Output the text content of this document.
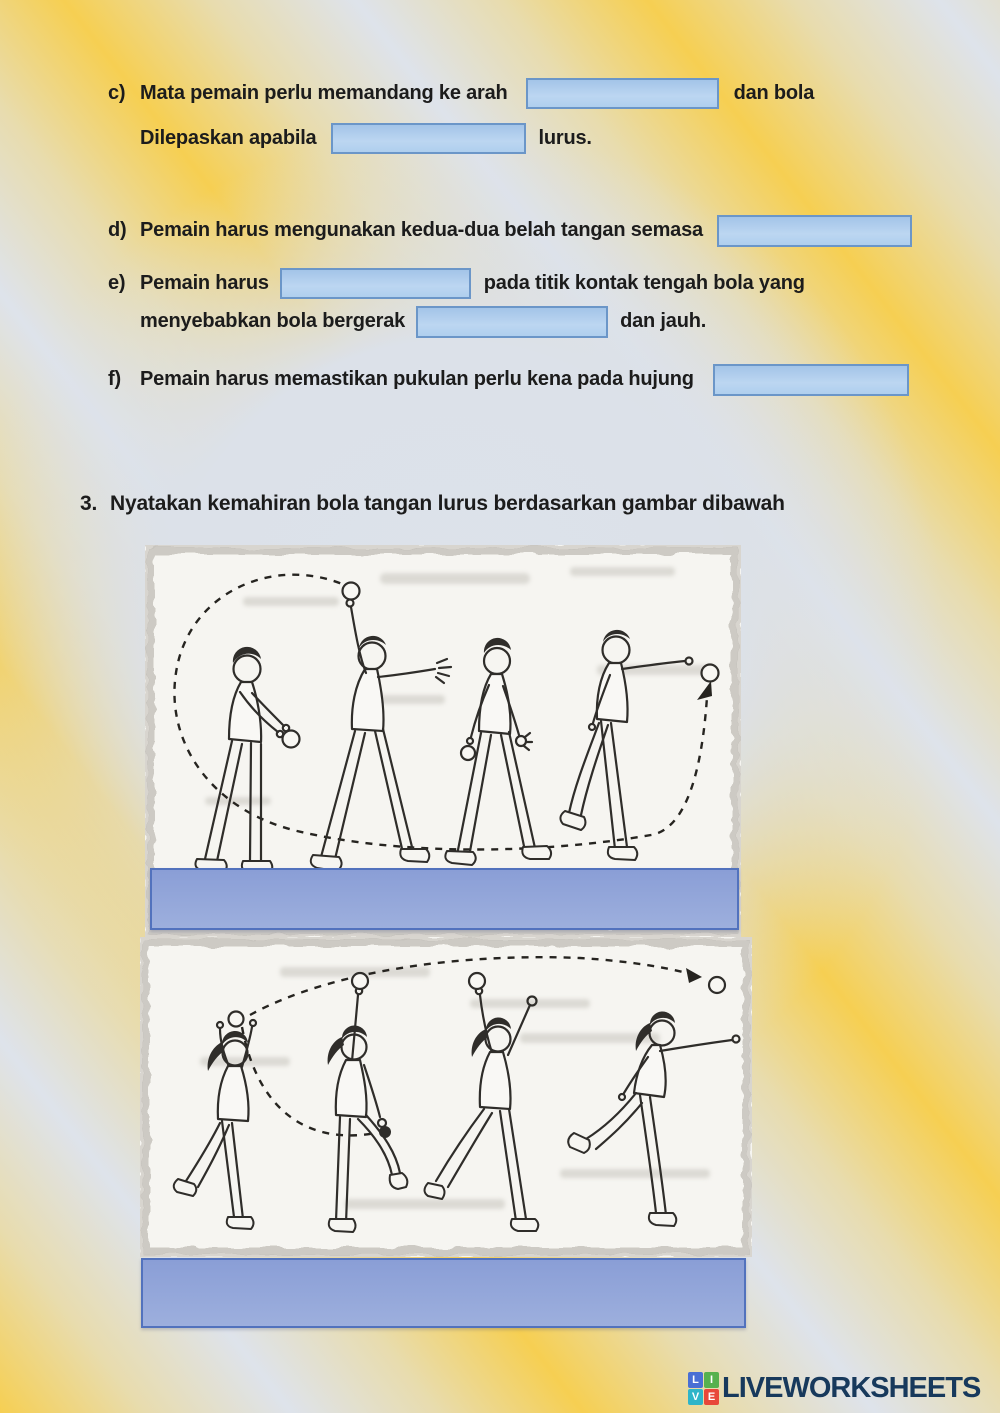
c) Mata pemain perlu memandang ke arah	dan bola
Dilepaskan apabila	lurus.
d) Pemain harus mengunakan kedua-dua belah tangan semasa
e) Pemain harus	pada titik kontak tengah bola yang
menyebabkan bola bergerak	dan jauh.
f) Pemain harus memastikan pukulan perlu kena pada hujung
3. Nyatakan kemahiran bola tangan lurus berdasarkan gambar dibawah
L	I
V E LIVEWORKSHEETS
